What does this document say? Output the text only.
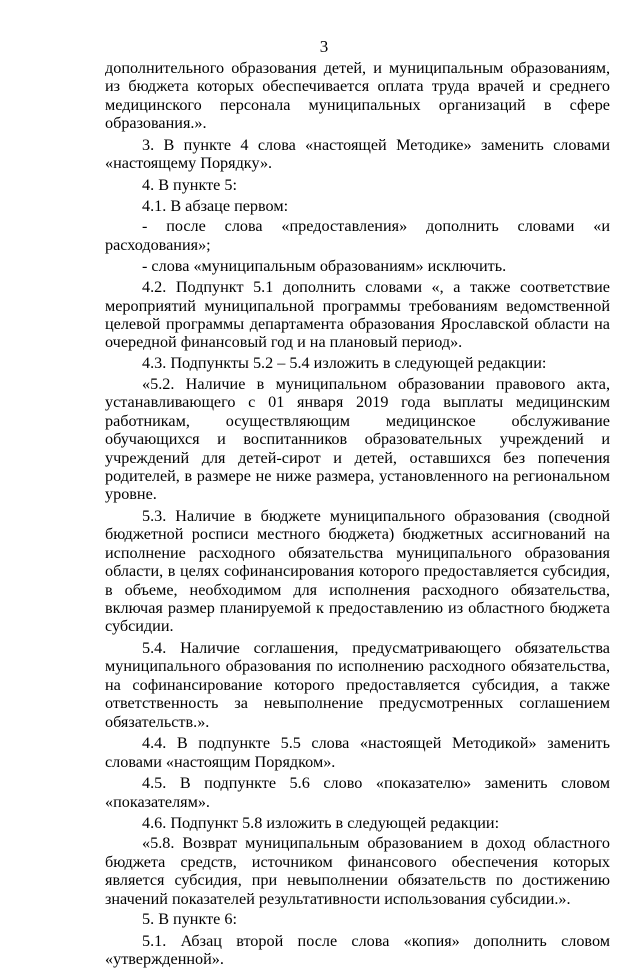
3

дополнительного образования детей, и муниципальным образованиям, из бюджета которых обеспечивается оплата труда врачей и среднего медицинского персонала муниципальных организаций в сфере образования.».

3. В пункте 4 слова «настоящей Методике» заменить словами «настоящему Порядку».

4. В пункте 5:

4.1. В абзаце первом:

- после слова «предоставления» дополнить словами «и расходования»;

- слова «муниципальным образованиям» исключить.

4.2. Подпункт 5.1 дополнить словами «, а также соответствие мероприятий муниципальной программы требованиям ведомственной целевой программы департамента образования Ярославской области на очередной финансовый год и на плановый период».

4.3. Подпункты 5.2 – 5.4 изложить в следующей редакции:

«5.2. Наличие в муниципальном образовании правового акта, устанавливающего с 01 января 2019 года выплаты медицинским работникам, осуществляющим медицинское обслуживание обучающихся и воспитанников образовательных учреждений и учреждений для детей-сирот и детей, оставшихся без попечения родителей, в размере не ниже размера, установленного на региональном уровне.

5.3. Наличие в бюджете муниципального образования (сводной бюджетной росписи местного бюджета) бюджетных ассигнований на исполнение расходного обязательства муниципального образования области, в целях софинансирования которого предоставляется субсидия, в объеме, необходимом для исполнения расходного обязательства, включая размер планируемой к предоставлению из областного бюджета субсидии.

5.4. Наличие соглашения, предусматривающего обязательства муниципального образования по исполнению расходного обязательства, на софинансирование которого предоставляется субсидия, а также ответственность за невыполнение предусмотренных соглашением обязательств.».

4.4. В подпункте 5.5 слова «настоящей Методикой» заменить словами «настоящим Порядком».

4.5. В подпункте 5.6 слово «показателю» заменить словом «показателям».

4.6. Подпункт 5.8 изложить в следующей редакции:

«5.8. Возврат муниципальным образованием в доход областного бюджета средств, источником финансового обеспечения которых является субсидия, при невыполнении обязательств по достижению значений показателей результативности использования субсидии.».

5. В пункте 6:

5.1. Абзац второй после слова «копия» дополнить словом «утвержденной».
